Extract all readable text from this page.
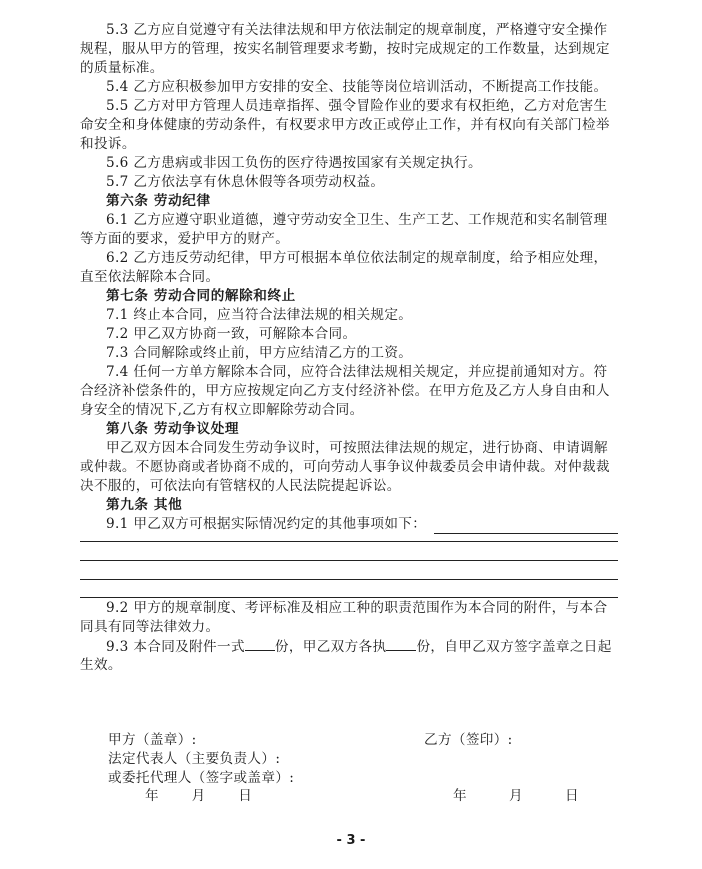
5.3 乙方应自觉遵守有关法律法规和甲方依法制定的规章制度，严格遵守安全操作
规程，服从甲方的管理，按实名制管理要求考勤，按时完成规定的工作数量，达到规定
的质量标准。
5.4 乙方应积极参加甲方安排的安全、技能等岗位培训活动，不断提高工作技能。
5.5 乙方对甲方管理人员违章指挥、强令冒险作业的要求有权拒绝，乙方对危害生
命安全和身体健康的劳动条件，有权要求甲方改正或停止工作，并有权向有关部门检举
和投诉。
5.6 乙方患病或非因工负伤的医疗待遇按国家有关规定执行。
5.7 乙方依法享有休息休假等各项劳动权益。
第六条 劳动纪律
6.1 乙方应遵守职业道德，遵守劳动安全卫生、生产工艺、工作规范和实名制管理
等方面的要求，爱护甲方的财产。
6.2 乙方违反劳动纪律，甲方可根据本单位依法制定的规章制度，给予相应处理，
直至依法解除本合同。
第七条 劳动合同的解除和终止
7.1 终止本合同，应当符合法律法规的相关规定。
7.2 甲乙双方协商一致，可解除本合同。
7.3 合同解除或终止前，甲方应结清乙方的工资。
7.4 任何一方单方解除本合同，应符合法律法规相关规定，并应提前通知对方。符
合经济补偿条件的，甲方应按规定向乙方支付经济补偿。在甲方危及乙方人身自由和人
身安全的情况下,乙方有权立即解除劳动合同。
第八条 劳动争议处理
甲乙双方因本合同发生劳动争议时，可按照法律法规的规定，进行协商、申请调解
或仲裁。不愿协商或者协商不成的，可向劳动人事争议仲裁委员会申请仲裁。对仲裁裁
决不服的，可依法向有管辖权的人民法院提起诉讼。
第九条 其他
9.1 甲乙双方可根据实际情况约定的其他事项如下：
9.2 甲方的规章制度、考评标准及相应工种的职责范围作为本合同的附件，与本合
同具有同等法律效力。
9.3 本合同及附件一式 份，甲乙双方各执 份，自甲乙双方签字盖章之日起
生效。
甲方（盖章）:	乙方（签印）:
法定代表人（主要负责人）:
或委托代理人（签字或盖章）:
年       月       日	年         月         日
- 3 -
